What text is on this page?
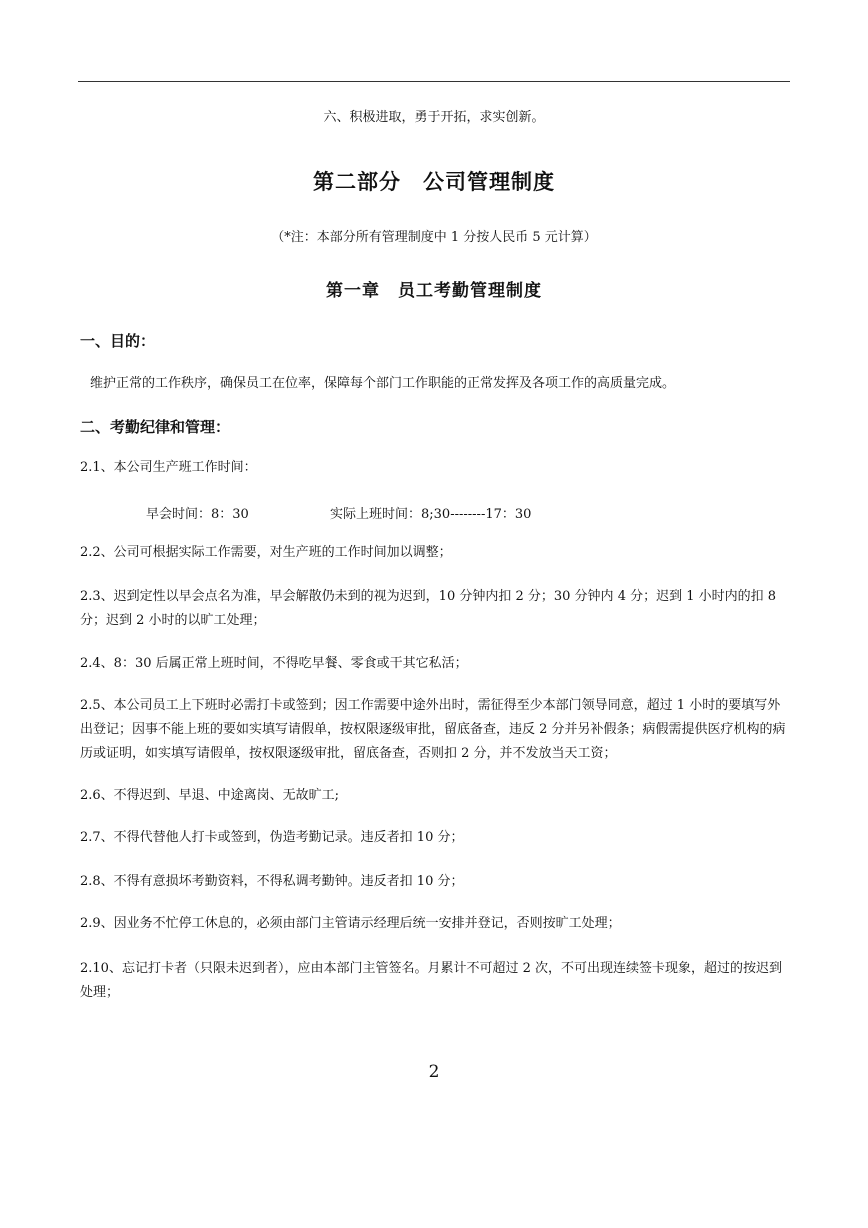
六、积极进取，勇于开拓，求实创新。
第二部分　公司管理制度
（*注：本部分所有管理制度中 1 分按人民币 5 元计算）
第一章　员工考勤管理制度
一、目的：
维护正常的工作秩序，确保员工在位率，保障每个部门工作职能的正常发挥及各项工作的高质量完成。
二、考勤纪律和管理：
2.1、本公司生产班工作时间：
早会时间：8：30	实际上班时间：8;30--------17：30
2.2、公司可根据实际工作需要，对生产班的工作时间加以调整；
2.3、迟到定性以早会点名为准，早会解散仍未到的视为迟到，10 分钟内扣 2 分；30 分钟内 4 分；迟到 1 小时内的扣 8 分；迟到 2 小时的以旷工处理；
2.4、8：30 后属正常上班时间，不得吃早餐、零食或干其它私活；
2.5、本公司员工上下班时必需打卡或签到；因工作需要中途外出时，需征得至少本部门领导同意，超过 1 小时的要填写外出登记；因事不能上班的要如实填写请假单，按权限逐级审批，留底备查，违反 2 分并另补假条；病假需提供医疗机构的病历或证明，如实填写请假单，按权限逐级审批，留底备查，否则扣 2 分，并不发放当天工资；
2.6、不得迟到、早退、中途离岗、无故旷工;
2.7、不得代替他人打卡或签到，伪造考勤记录。违反者扣 10 分；
2.8、不得有意损坏考勤资料，不得私调考勤钟。违反者扣 10 分；
2.9、因业务不忙停工休息的，必须由部门主管请示经理后统一安排并登记，否则按旷工处理；
2.10、忘记打卡者（只限未迟到者），应由本部门主管签名。月累计不可超过 2 次，不可出现连续签卡现象，超过的按迟到处理；
2
